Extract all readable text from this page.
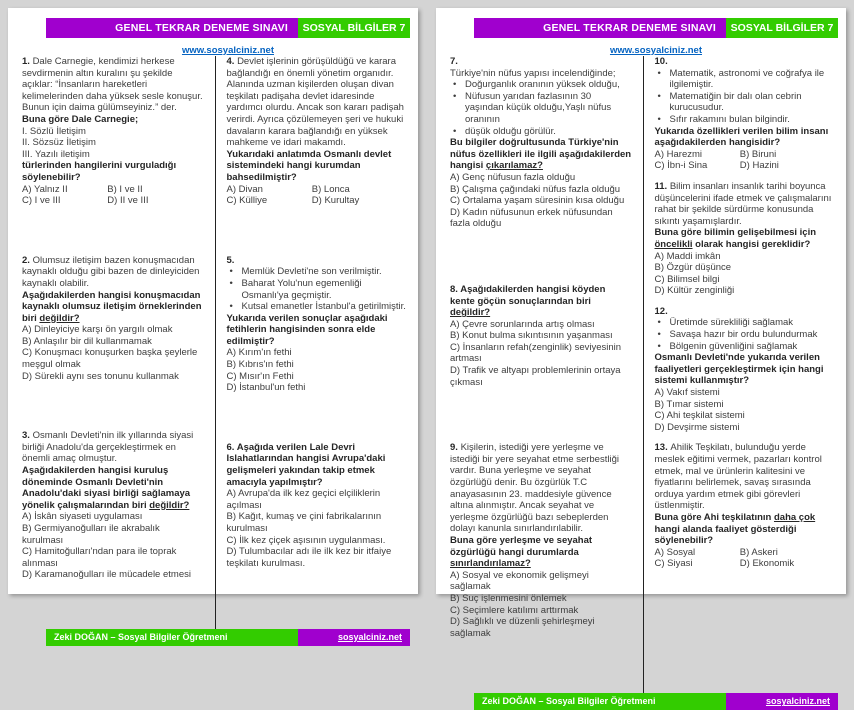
GENEL TEKRAR DENEME SINAVI	SOSYAL BİLGİLER 7
www.sosyalciniz.net
1. Dale Carnegie, kendimizi herkese sevdirmenin altın kuralını şu şekilde açıklar: “İnsanların hareketleri kelimelerinden daha yüksek sesle konuşur. Bunun için daima gülümseyiniz.” der.
Buna göre Dale Carnegie;
I. Sözlü İletişim
II. Sözsüz İletişim
III. Yazılı iletişim
türlerinden hangilerini vurguladığı söylenebilir?
A) Yalnız II	B) I ve II
C) I ve III	D) II ve III
2. Olumsuz iletişim bazen konuşmacıdan kaynaklı olduğu gibi bazen de dinleyiciden kaynaklı olabilir.
Aşağıdakilerden hangisi konuşmacıdan kaynaklı olumsuz iletişim örneklerinden biri değildir?
A) Dinleyiciye karşı ön yargılı olmak
B) Anlaşılır bir dil kullanmamak
C) Konuşmacı konuşurken başka şeylerle meşgul olmak
D) Sürekli aynı ses tonunu kullanmak
3. Osmanlı Devleti'nin ilk yıllarında siyasi birliği Anadolu'da gerçekleştirmek en önemli amaç olmuştur.
Aşağıdakilerden hangisi kuruluş döneminde Osmanlı Devleti'nin Anadolu'daki siyasi birliği sağlamaya yönelik çalışmalarından biri değildir?
A) İskân siyaseti uygulaması
B) Germiyanoğulları ile akrabalık kurulması
C) Hamitoğulları'ndan para ile toprak alınması
D) Karamanoğulları ile mücadele etmesi
4. Devlet işlerinin görüşüldüğü ve karara bağlandığı en önemli yönetim organıdır. Alanında uzman kişilerden oluşan divan teşkilatı padişaha devlet idaresinde yardımcı olurdu. Ancak son kararı padişah verirdi. Ayrıca çözülemeyen şeri ve hukuki davaların karara bağlandığı en yüksek mahkeme ve idari makamdı.
Yukarıdaki anlatımda Osmanlı devlet sistemindeki hangi kurumdan bahsedilmiştir?
A) Divan	B) Lonca
C) Külliye	D) Kurultay
5.
• Memlük Devleti'ne son verilmiştir.
• Baharat Yolu'nun egemenliği Osmanlı'ya geçmiştir.
• Kutsal emanetler İstanbul'a getirilmiştir.
Yukarıda verilen sonuçlar aşağıdaki fetihlerin hangisinden sonra elde edilmiştir?
A) Kırım'ın fethi
B) Kıbrıs'ın fethi
C) Mısır'ın Fethi
D) İstanbul'un fethi
6. Aşağıda verilen Lale Devri Islahatlarından hangisi Avrupa'daki gelişmeleri yakından takip etmek amacıyla yapılmıştır?
A) Avrupa'da ilk kez geçici elçiliklerin açılması
B) Kağıt, kumaş ve çini fabrikalarının kurulması
C) İlk kez çiçek aşısının uygulanması.
D) Tulumbacılar adı ile ilk kez bir itfaiye teşkilatı kurulması.
Zeki DOĞAN – Sosyal Bilgiler Öğretmeni	sosyalciniz.net
GENEL TEKRAR DENEME SINAVI	SOSYAL BİLGİLER 7
www.sosyalciniz.net
7.
Türkiye'nin nüfus yapısı incelendiğinde;
• Doğurganlık oranının yüksek olduğu,
• Nüfusun yarıdan fazlasının 30 yaşından küçük olduğu,Yaşlı nüfus oranının
• düşük olduğu görülür.
Bu bilgiler doğrultusunda Türkiye'nin nüfus özellikleri ile ilgili aşağıdakilerden hangisi çıkarılamaz?
A) Genç nüfusun fazla olduğu
B) Çalışma çağındaki nüfus fazla olduğu
C) Ortalama yaşam süresinin kısa olduğu
D) Kadın nüfusunun erkek nüfusundan fazla olduğu
8. Aşağıdakilerden hangisi köyden kente göçün sonuçlarından biri değildir?
A) Çevre sorunlarında artış olması
B) Konut bulma sıkıntısının yaşanması
C) İnsanların refah(zenginlik) seviyesinin artması
D) Trafik ve altyapı problemlerinin ortaya çıkması
9. Kişilerin, istediği yere yerleşme ve istediği bir yere seyahat etme serbestliği vardır. Buna yerleşme ve seyahat özgürlüğü denir. Bu özgürlük T.C anayasasının 23. maddesiyle güvence altına alınmıştır. Ancak seyahat ve yerleşme özgürlüğü bazı sebeplerden dolayı kanunla sınırlandırılabilir.
Buna göre yerleşme ve seyahat özgürlüğü hangi durumlarda sınırlandırılamaz?
A) Sosyal ve ekonomik gelişmeyi sağlamak
B) Suç işlenmesini önlemek
C) Seçimlere katılımı arttırmak
D) Sağlıklı ve düzenli şehirleşmeyi sağlamak
10.
• Matematik, astronomi ve coğrafya ile ilgilemiştir.
• Matematiğin bir dalı olan cebrin kurucusudur.
• Sıfır rakamını bulan bilgindir.
Yukarıda özellikleri verilen bilim insanı aşağıdakilerden hangisidir?
A) Harezmi	B) Biruni
C) İbn-i Sina	D) Hazini
11. Bilim insanları insanlık tarihi boyunca düşüncelerini ifade etmek ve çalışmalarını rahat bir şekilde sürdürme konusunda sıkıntı yaşamışlardır.
Buna göre bilimin gelişebilmesi için öncelikli olarak hangisi gereklidir?
A) Maddi imkân
B) Özgür düşünce
C) Bilimsel bilgi
D) Kültür zenginliği
12.
• Üretimde sürekliliği sağlamak
• Savaşa hazır bir ordu bulundurmak
• Bölgenin güvenliğini sağlamak
Osmanlı Devleti'nde yukarıda verilen faaliyetleri gerçekleştirmek için hangi sistemi kullanmıştır?
A) Vakıf sistemi
B) Tımar sistemi
C) Ahi teşkilat sistemi
D) Devşirme sistemi
13. Ahilik Teşkilatı, bulunduğu yerde meslek eğitimi vermek, pazarları kontrol etmek, mal ve ürünlerin kalitesini ve fiyatlarını belirlemek, savaş sırasında orduya yardım etmek gibi görevleri üstlenmiştir.
Buna göre Ahi teşkilatının daha çok hangi alanda faaliyet gösterdiği söylenebilir?
A) Sosyal	B) Askeri
C) Siyasi	D) Ekonomik
Zeki DOĞAN – Sosyal Bilgiler Öğretmeni	sosyalciniz.net
